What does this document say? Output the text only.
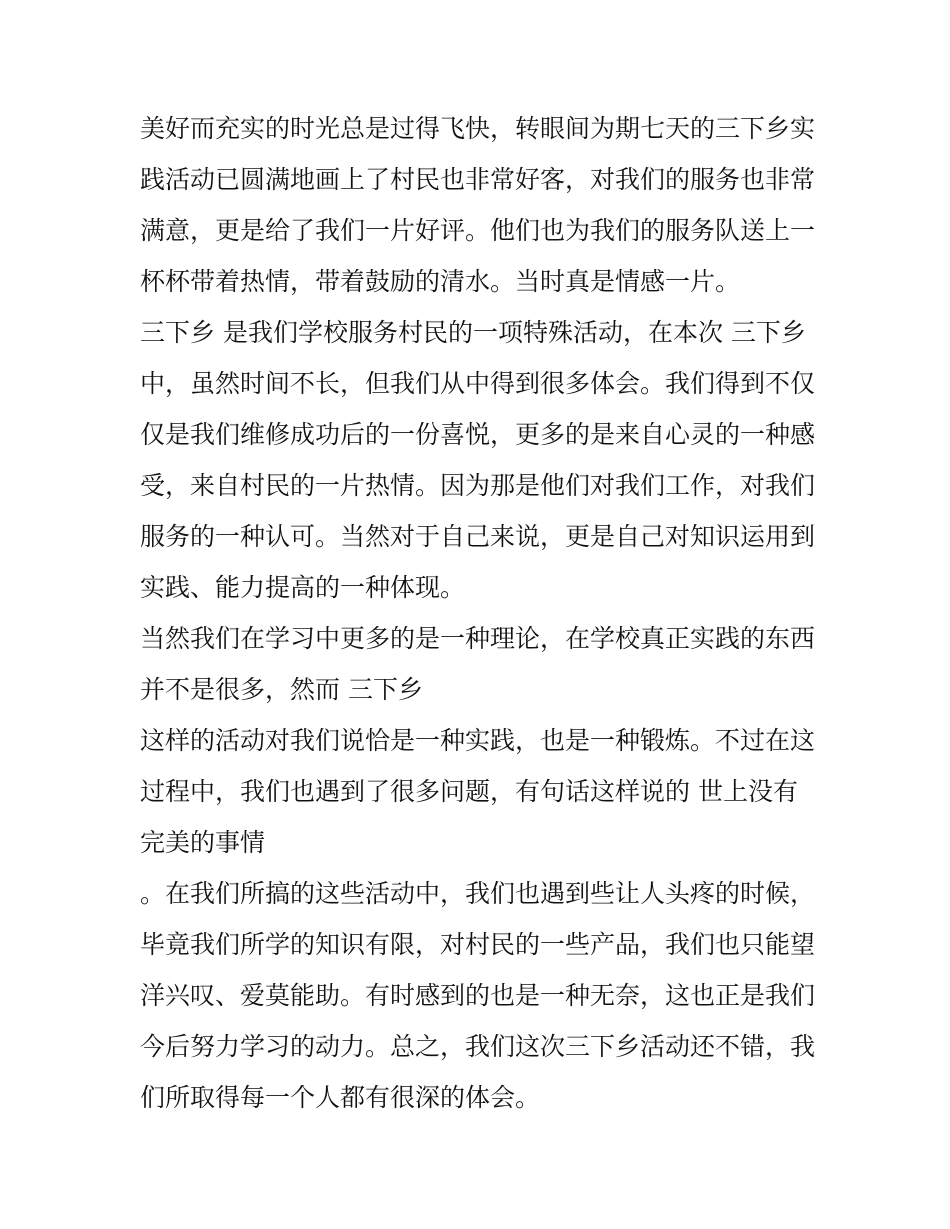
美好而充实的时光总是过得飞快，转眼间为期七天的三下乡实
践活动已圆满地画上了村民也非常好客，对我们的服务也非常
满意，更是给了我们一片好评。他们也为我们的服务队送上一
杯杯带着热情，带着鼓励的清水。当时真是情感一片。
三下乡 是我们学校服务村民的一项特殊活动，在本次 三下乡
中，虽然时间不长，但我们从中得到很多体会。我们得到不仅
仅是我们维修成功后的一份喜悦，更多的是来自心灵的一种感
受，来自村民的一片热情。因为那是他们对我们工作，对我们
服务的一种认可。当然对于自己来说，更是自己对知识运用到
实践、能力提高的一种体现。
当然我们在学习中更多的是一种理论，在学校真正实践的东西
并不是很多，然而 三下乡
这样的活动对我们说恰是一种实践，也是一种锻炼。不过在这
过程中，我们也遇到了很多问题，有句话这样说的 世上没有
完美的事情
。在我们所搞的这些活动中，我们也遇到些让人头疼的时候，
毕竟我们所学的知识有限，对村民的一些产品，我们也只能望
洋兴叹、爱莫能助。有时感到的也是一种无奈，这也正是我们
今后努力学习的动力。总之，我们这次三下乡活动还不错，我
们所取得每一个人都有很深的体会。
